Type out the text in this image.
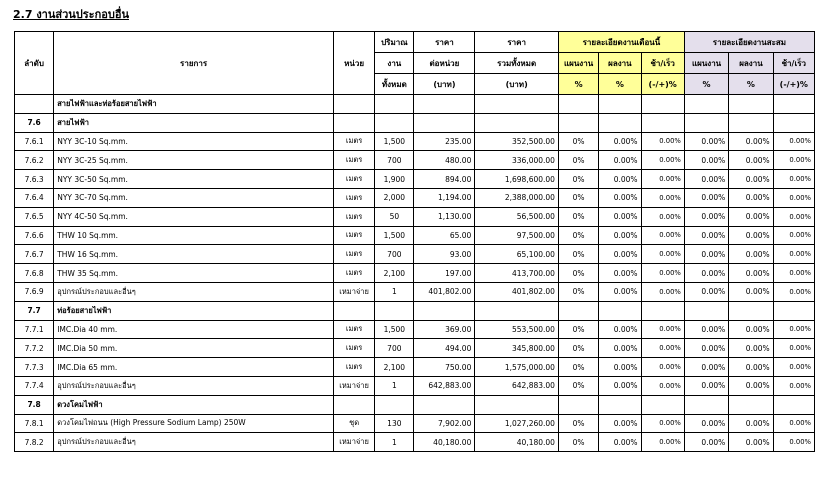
2.7 งานส่วนประกอบอื่น
ลำดับ	รายการ	หน่วย	ปริมาณ	ราคา	ราคา	รายละเอียดงานเดือนนี้			รายละเอียดงานสะสม		
			งาน	ต่อหน่วย	รวมทั้งหมด	แผนงาน	ผลงาน	ช้า/เร็ว	แผนงาน	ผลงาน	ช้า/เร็ว
			ทั้งหมด	(บาท)	(บาท)	%	%	(-/+)%	%	%	(-/+)%
	สายไฟฟ้าและท่อร้อยสายไฟฟ้า										
7.6	สายไฟฟ้า										
7.6.1	NYY 3C-10 Sq.mm.	เมตร	1,500	235.00	352,500.00	0%	0.00%	0.00%	0.00%	0.00%	0.00%
7.6.2	NYY 3C-25 Sq.mm.	เมตร	700	480.00	336,000.00	0%	0.00%	0.00%	0.00%	0.00%	0.00%
7.6.3	NYY 3C-50 Sq.mm.	เมตร	1,900	894.00	1,698,600.00	0%	0.00%	0.00%	0.00%	0.00%	0.00%
7.6.4	NYY 3C-70 Sq.mm.	เมตร	2,000	1,194.00	2,388,000.00	0%	0.00%	0.00%	0.00%	0.00%	0.00%
7.6.5	NYY 4C-50 Sq.mm.	เมตร	50	1,130.00	56,500.00	0%	0.00%	0.00%	0.00%	0.00%	0.00%
7.6.6	THW 10 Sq.mm.	เมตร	1,500	65.00	97,500.00	0%	0.00%	0.00%	0.00%	0.00%	0.00%
7.6.7	THW 16 Sq.mm.	เมตร	700	93.00	65,100.00	0%	0.00%	0.00%	0.00%	0.00%	0.00%
7.6.8	THW 35 Sq.mm.	เมตร	2,100	197.00	413,700.00	0%	0.00%	0.00%	0.00%	0.00%	0.00%
7.6.9	อุปกรณ์ประกอบและอื่นๆ	เหมาจ่าย	1	401,802.00	401,802.00	0%	0.00%	0.00%	0.00%	0.00%	0.00%
7.7	ท่อร้อยสายไฟฟ้า										
7.7.1	IMC.Dia 40 mm.	เมตร	1,500	369.00	553,500.00	0%	0.00%	0.00%	0.00%	0.00%	0.00%
7.7.2	IMC.Dia 50 mm.	เมตร	700	494.00	345,800.00	0%	0.00%	0.00%	0.00%	0.00%	0.00%
7.7.3	IMC.Dia 65 mm.	เมตร	2,100	750.00	1,575,000.00	0%	0.00%	0.00%	0.00%	0.00%	0.00%
7.7.4	อุปกรณ์ประกอบและอื่นๆ	เหมาจ่าย	1	642,883.00	642,883.00	0%	0.00%	0.00%	0.00%	0.00%	0.00%
7.8	ดวงโคมไฟฟ้า										
7.8.1	ดวงโคมไฟถนน (High Pressure Sodium Lamp) 250W	ชุด	130	7,902.00	1,027,260.00	0%	0.00%	0.00%	0.00%	0.00%	0.00%
7.8.2	อุปกรณ์ประกอบและอื่นๆ	เหมาจ่าย	1	40,180.00	40,180.00	0%	0.00%	0.00%	0.00%	0.00%	0.00%
